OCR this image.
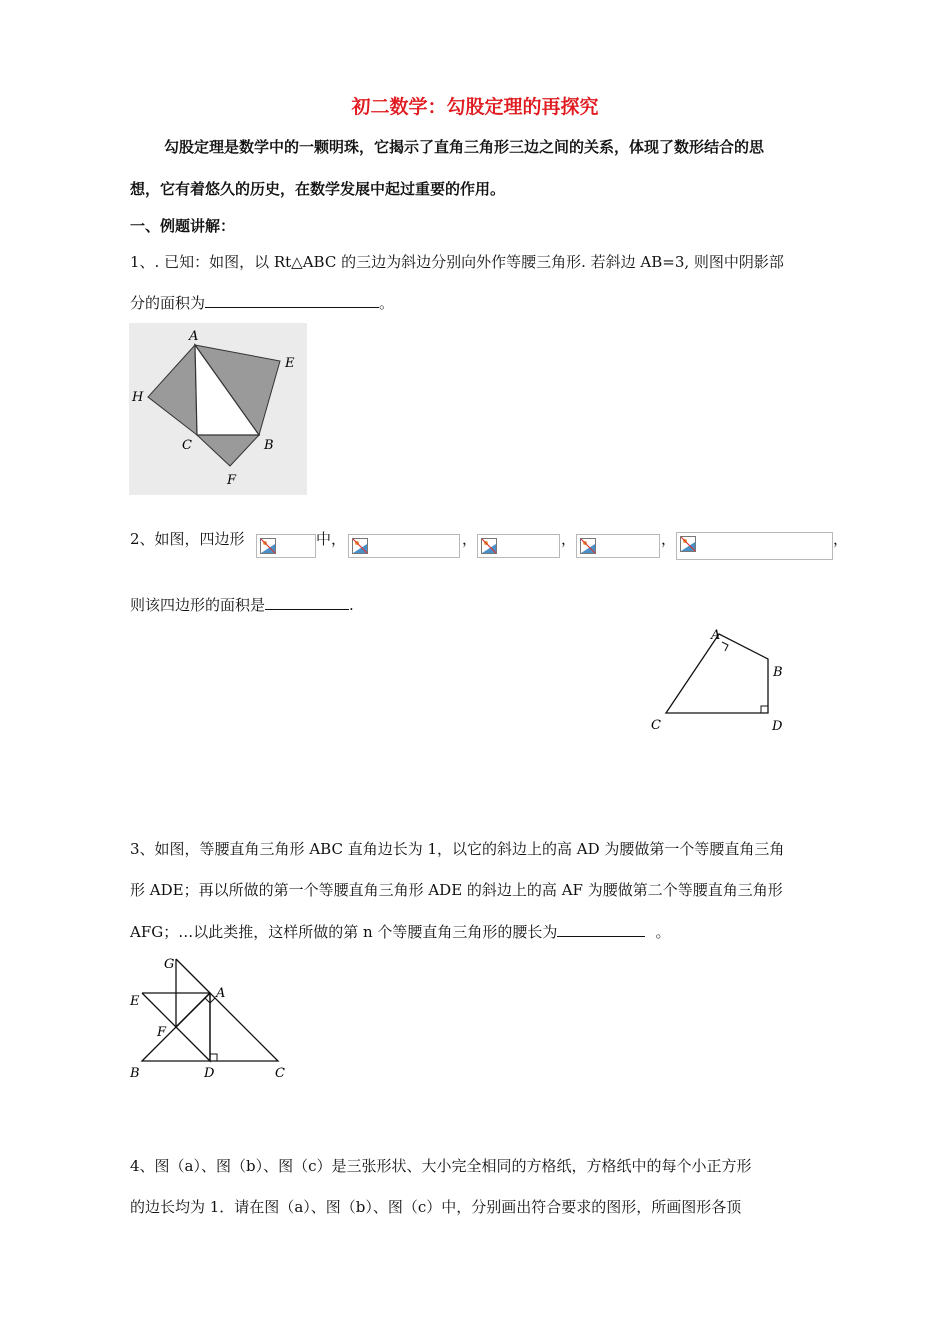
初二数学：勾股定理的再探究
勾股定理是数学中的一颗明珠，它揭示了直角三角形三边之间的关系，体现了数形结合的思
想，它有着悠久的历史，在数学发展中起过重要的作用。
一、例题讲解：
1、. 已知：如图，以 Rt△ABC 的三边为斜边分别向外作等腰三角形. 若斜边 AB=3, 则图中阴影部
分的面积为	。
A
E
H
C	B
F
2、如图，四边形	中，	，	，	，	，
则该四边形的面积是	.
A
B
C	D
3、如图，等腰直角三角形 ABC 直角边长为 1，以它的斜边上的高 AD 为腰做第一个等腰直角三角
形 ADE；再以所做的第一个等腰直角三角形 ADE 的斜边上的高 AF 为腰做第二个等腰直角三角形
AFG；…以此类推，这样所做的第 n 个等腰直角三角形的腰长为	。
G
E
A
F
B	D	C
4、图（a）、图（b）、图（c）是三张形状、大小完全相同的方格纸，方格纸中的每个小正方形
的边长均为 1．请在图（a）、图（b）、图（c）中，分别画出符合要求的图形，所画图形各顶
